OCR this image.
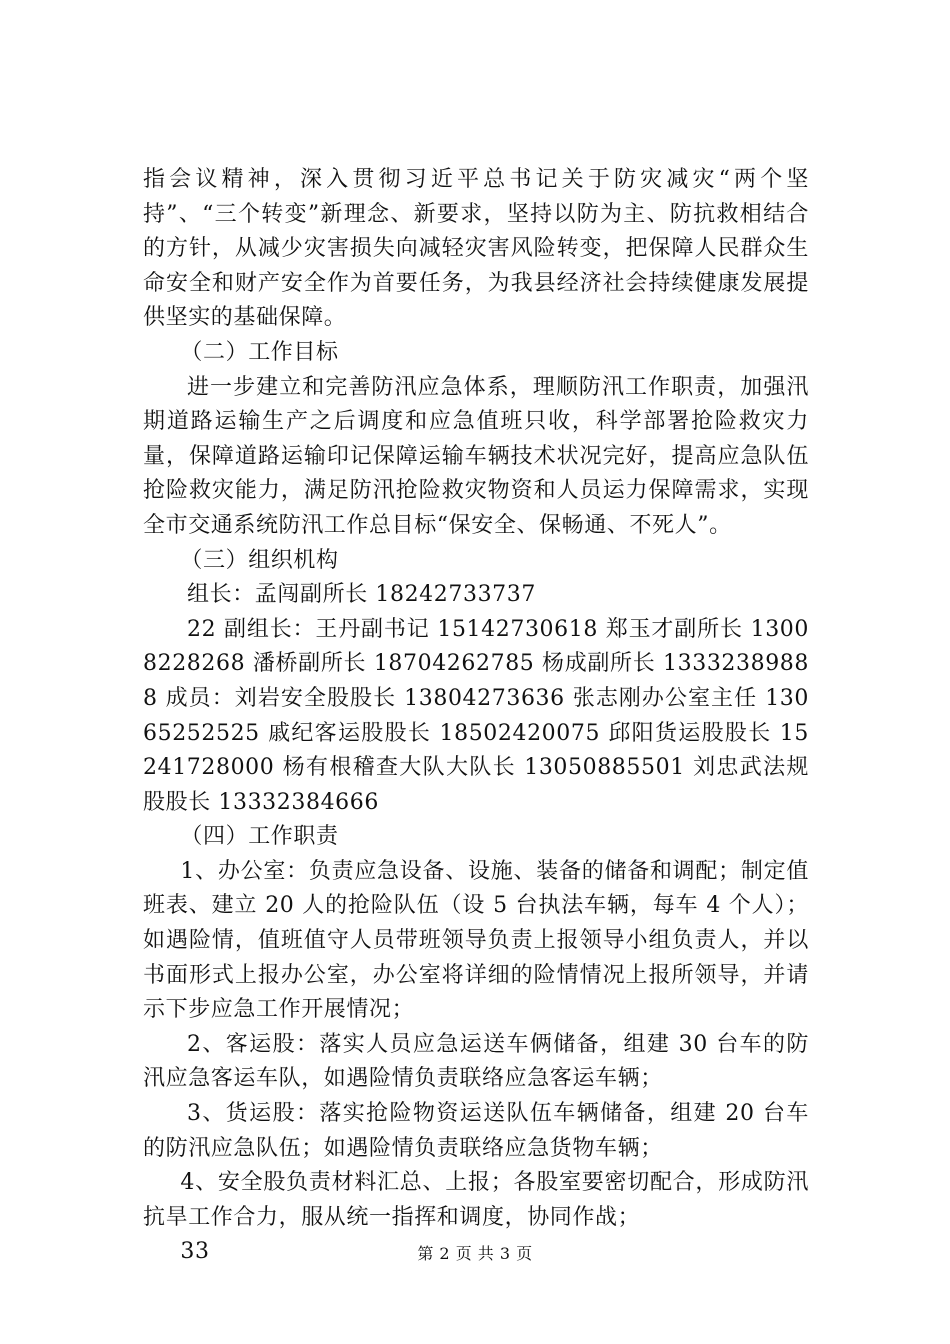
指会议精神，深入贯彻习近平总书记关于防灾减灾“两个坚持”、“三个转变”新理念、新要求，坚持以防为主、防抗救相结合的方针，从减少灾害损失向减轻灾害风险转变，把保障人民群众生命安全和财产安全作为首要任务，为我县经济社会持续健康发展提供坚实的基础保障。

（二）工作目标

进一步建立和完善防汛应急体系，理顺防汛工作职责，加强汛期道路运输生产之后调度和应急值班只收，科学部署抢险救灾力量，保障道路运输印记保障运输车辆技术状况完好，提高应急队伍抢险救灾能力，满足防汛抢险救灾物资和人员运力保障需求，实现全市交通系统防汛工作总目标“保安全、保畅通、不死人”。

（三）组织机构

组长：孟闯副所长 18242733737

22 副组长：王丹副书记 15142730618 郑玉才副所长 13008228268 潘桥副所长 18704262785 杨成副所长 13332389888 成员：刘岩安全股股长 13804273636 张志刚办公室主任 13065252525 戚纪客运股股长 18502420075 邱阳货运股股长 15241728000 杨有根稽查大队大队长 13050885501 刘忠武法规股股长 13332384666

（四）工作职责

1、办公室：负责应急设备、设施、装备的储备和调配；制定值班表、建立 20 人的抢险队伍（设 5 台执法车辆，每车 4 个人）；如遇险情，值班值守人员带班领导负责上报领导小组负责人，并以书面形式上报办公室，办公室将详细的险情情况上报所领导，并请示下步应急工作开展情况；

2、客运股：落实人员应急运送车俩储备，组建 30 台车的防汛应急客运车队，如遇险情负责联络应急客运车辆；

3、货运股：落实抢险物资运送队伍车辆储备，组建 20 台车的防汛应急队伍；如遇险情负责联络应急货物车辆；

4、安全股负责材料汇总、上报；各股室要密切配合，形成防汛抗旱工作合力，服从统一指挥和调度，协同作战；

33	第 2 页 共 3 页
